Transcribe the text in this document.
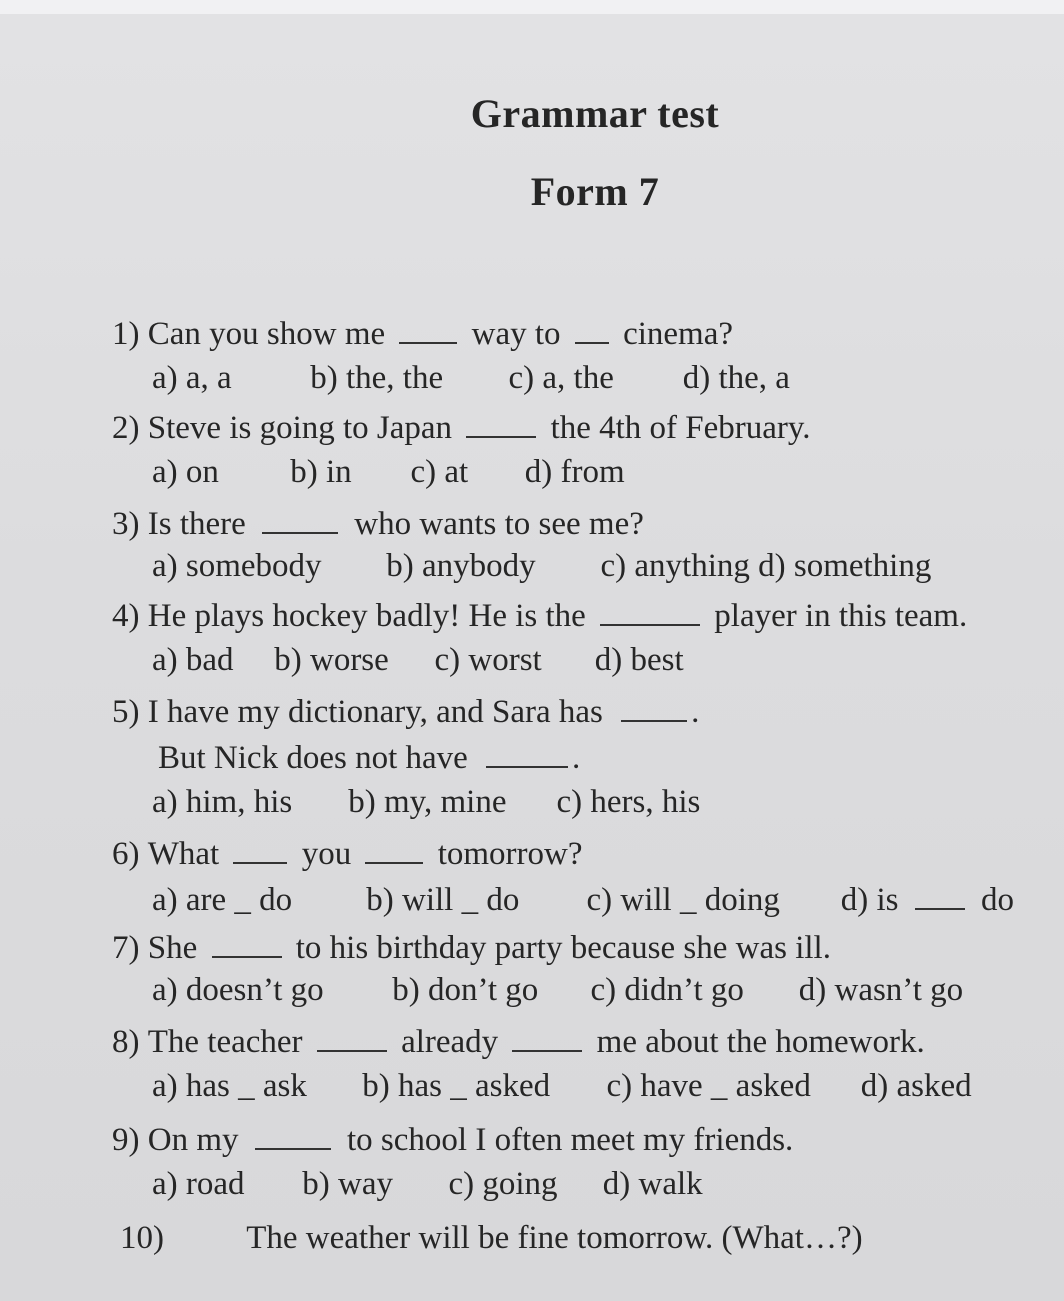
Grammar test
Form 7
1) Can you show me	way to cinema?
a) a, a b) the, the c) a, the d) the, a
2) Steve is going to Japan	the 4th of February.
a) on b) in c) at d) from
3) Is there	who wants to see me?
a) somebody b) anybody c) anything d) something
4) He plays hockey badly! He is the	player in this team.
a) bad b) worse c) worst d) best
5) I have my dictionary, and Sara has	.
But Nick does not have	.
a) him, his b) my, mine c) hers, his
6) What	you	tomorrow?
a) are _ do b) will _ do c) will _ doing d) is	do
7) She	to his birthday party because she was ill.
a) doesn’t go b) don’t go c) didn’t go d) wasn’t go
8) The teacher	already	me about the homework.
a) has _ ask b) has _ asked c) have _ asked d) asked
9) On my	to school I often meet my friends.
a) road b) way c) going d) walk
10) The weather will be fine tomorrow. (What…?)
